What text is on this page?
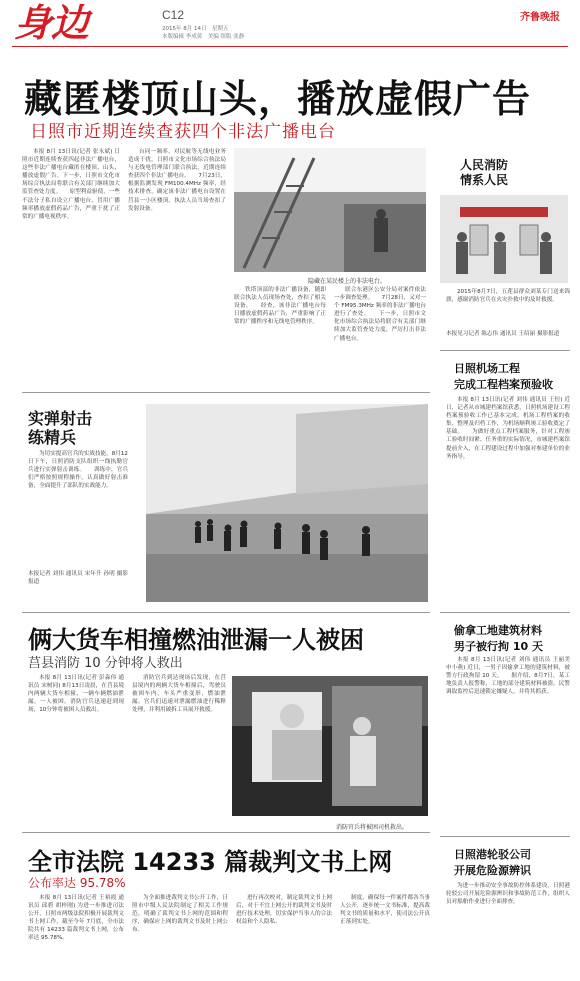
身边	C12
2015年 8月 14日　星期五
本版编辑 李成黄　美编 组版 张静
齐鲁晚报
藏匿楼顶山头，播放虚假广告
日照市近期连续查获四个非法广播电台

本报 8月 13日讯(记者 张永斌) 日照市近期连续查获四起非法广播电台，这些非法广播电台藏匿在楼顶、山头，播放虚假广告。下一步，日照市文化市场综合执法局将联合有关部门继续加大监管查处力度。　　原型利益驱使，一些不法分子私自设立广播电台，冒用广播频率播放虚假药品广告，严重干扰了正常的广播电视秩序。

台同一频率，对民航等无线电业务造成干扰。日照市文化市场综合执法局与无线电管理部门联合执法，近期连续查获四个非法广播电台。　　7月23日，根据监测发现 FM100.4MHz 频率，经技术排查，确定该非法广播电台设置在莒县一小区楼顶，执法人员当场查扣了发射设备。

隐藏在某民楼上的非法电台。

铁塔顶部的非法广播设备，随即联合执法人员现场查处，查扣了相关设备。　　经查，该非法广播电台每日播放虚假药品广告，严重影响了正常的广播秩序和无线电管理秩序。

联合东港区公安分局对案件依法一步调查处理。　　7月28日，又对一个 FM95.3MHz 频率的非法广播电台进行了查处。　　下一步，日照市文化市场综合执法局将联合有关部门继续加大监管查处力度，严厉打击非法广播电台。

人民消防
情系人民

2015年8月7日，五莲县群众刘某专门送来锦旗，感谢消防官兵在火灾扑救中的及时救援。

本报见习记者 陈志伟 通讯员 王绍丽 摄影报道
日照机场工程
完成工程档案预验收

本报 8月 13日讯(记者 刘伟 通讯员 王恒) 近日，记者从市城建档案馆获悉，日照机场建设工程档案预验收工作已基本完成。机场工程档案的收集、整理及归档工作，为机场顺利竣工验收奠定了基础。　　为做好重点工程档案服务，针对工程竣工验收时间紧、任务重的实际情况，市城建档案馆提前介入，在工程建设过程中加强对参建单位的业务指导。

偷拿工地建筑材料
男子被行拘 10 天

本报 8月 13日讯(记者 刘伟 通讯员 王丽美 申小燕) 近日，一男子因偷拿工地的建筑材料，被警方行政拘留 10 天。　　据介绍，8月7日，某工地负责人报警称，工地的部分建筑材料被盗。民警调取监控后迅速锁定嫌疑人，并将其抓获。

日照港轮驳公司
开展危险源辨识

为进一步推动安全事故防控体系建设，日照港轮驳公司开展危险源辨识和事故防范工作，组织人员对船舶作业进行全面排查。

实弹射击
练精兵

为切实提高官兵的实战技能，8月12日下午，日照消防支队组织一线执勤官兵进行实弹射击训练。　　训练中，官兵们严格按照规程操作，认真做好射击准备，全面提升了部队的实战能力。

本报记者 刘伟 通讯员 宋年升 孙明 摄影报道
俩大货车相撞燃油泄漏一人被困
莒县消防 10 分钟将人救出

本报 8月 13日讯(记者 彭淼伟 通讯员 宋树同) 8月13日凌晨，在莒县境内两辆大货车相撞，一辆车辆燃油泄漏，一人被困。消防官兵迅速赶到现场，10分钟将被困人员救出。

消防官兵到达现场后发现，在莒县境内的两辆大货车相撞后，驾驶员被困车内，车头严重变形，燃油泄漏。官兵们迅速对泄漏燃油进行稀释处理，并利用破拆工具展开救援。

消防官兵将被困司机救出。
全市法院 14233 篇裁判文书上网
公布率达 95.78%

本报 8月 13日讯(记者 王裕霞 通讯员 邱碧 胡梓刚) 为进一步推进司法公开，日照市两级法院积极开展裁判文书上网工作，截至今年 7月底，全市法院共有 14233 篇裁判文书上网，公布率达 95.78%。

为全面推进裁判文书公开工作，日照市中级人民法院制定了相关工作规范，明确了裁判文书上网的范围和程序，确保应上网的裁判文书及时上网公布。

进行再次校对，制定裁判文书上网后，对于不宜上网公开的裁判文书及时进行技术处理，切实保护当事人的合法权益和个人隐私。

制度，确保每一件案件都各当事人公开，逐步统一文书标准，提高裁判文书的质量和水平，使司法公开真正落到实处。
